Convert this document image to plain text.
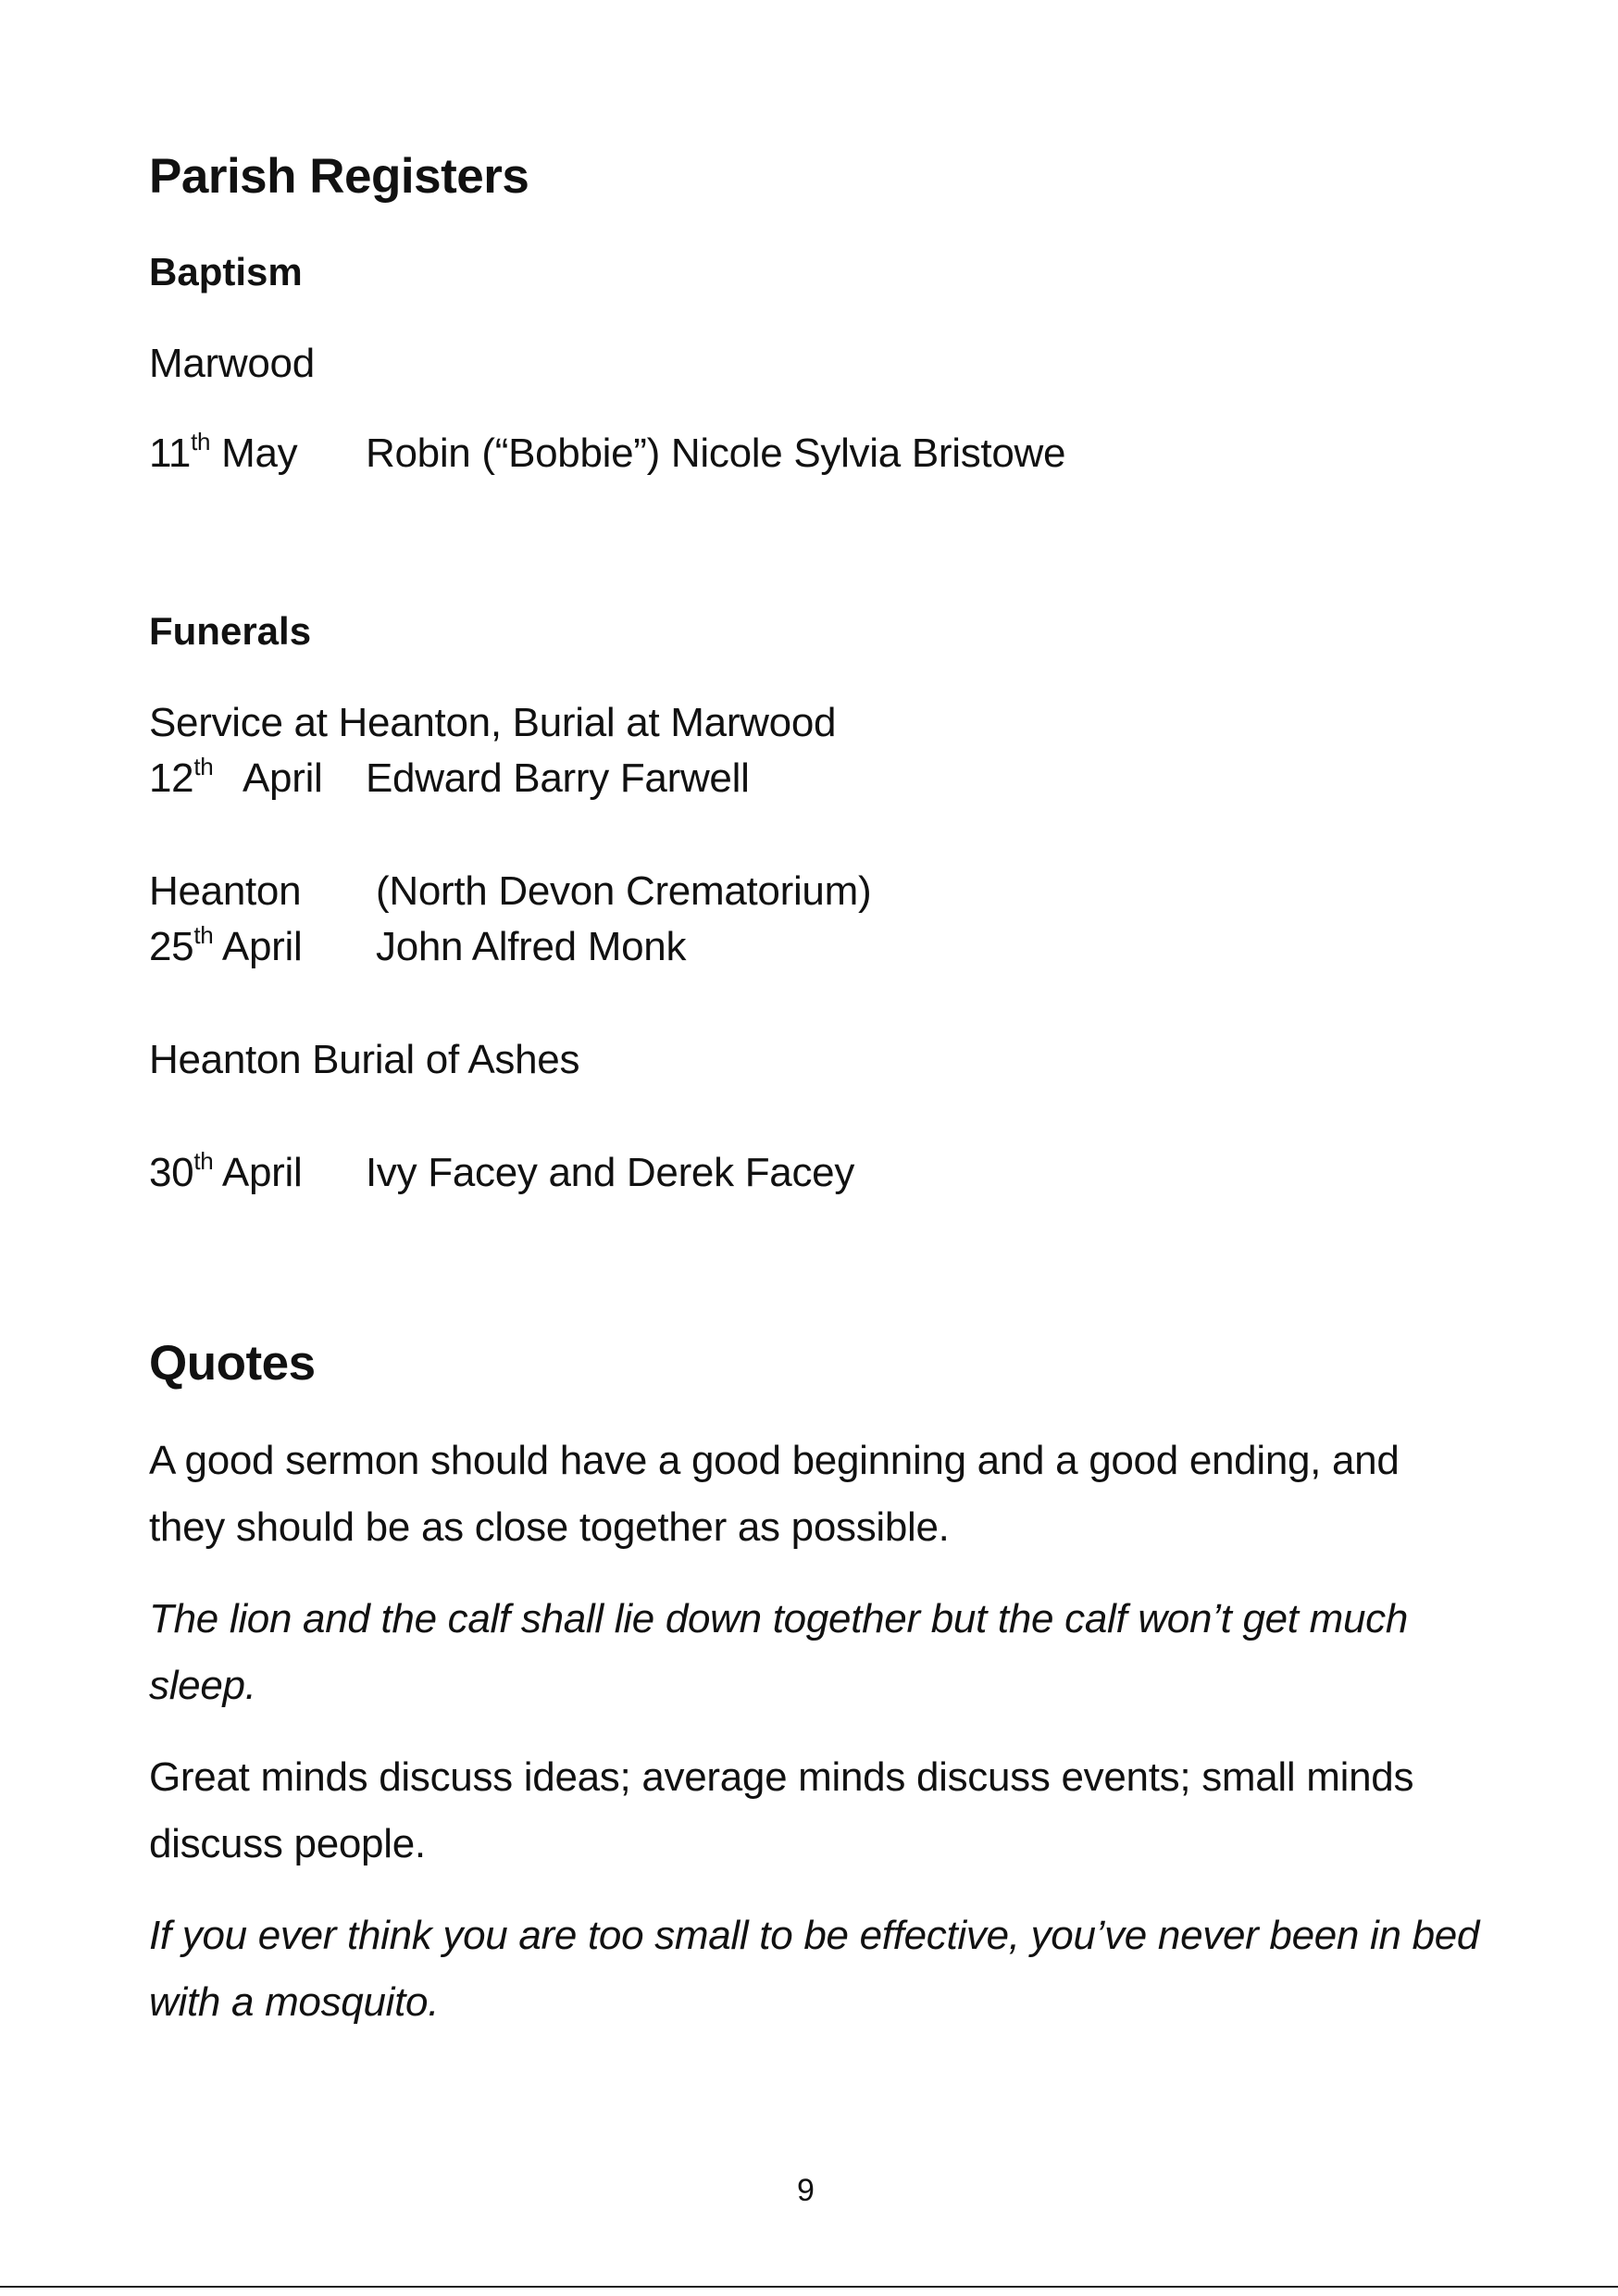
Parish Registers
Baptism
Marwood
11th May Robin (“Bobbie”) Nicole Sylvia Bristowe
Funerals
Service at Heanton, Burial at Marwood
12th April Edward Barry Farwell
Heanton (North Devon Crematorium)
25th April John Alfred Monk
Heanton Burial of Ashes
30th April Ivy Facey and Derek Facey
Quotes
A good sermon should have a good beginning and a good ending, and they should be as close together as possible.
The lion and the calf shall lie down together but the calf won’t get much sleep.
Great minds discuss ideas; average minds discuss events; small minds discuss people.
If you ever think you are too small to be effective, you’ve never been in bed with a mosquito.
9
